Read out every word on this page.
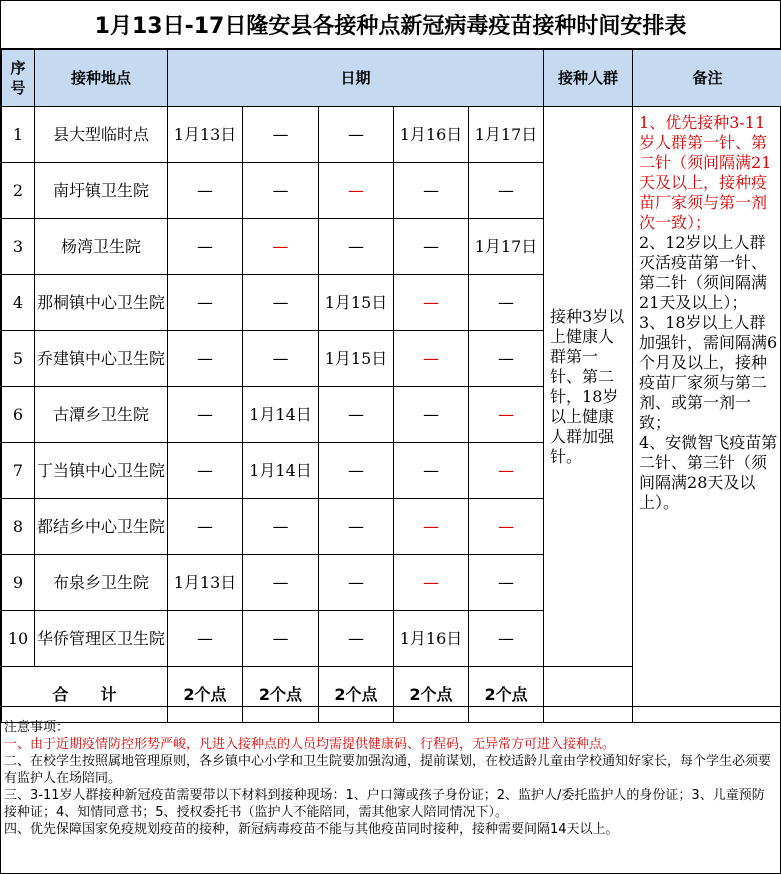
1月13日-17日隆安县各接种点新冠病毒疫苗接种时间安排表
序号	接种地点	日期					接种人群	备注
1	县大型临时点	1月13日	—	—	1月16日	1月17日	接种3岁以上健康人群第一针、第二针，18岁以上健康人群加强针。	1、优先接种3-11岁人群第一针、第二针（须间隔满21天及以上，接种疫苗厂家须与第一剂次一致）；
2、12岁以上人群灭活疫苗第一针、第二针（须间隔满21天及以上）；
3、18岁以上人群加强针，需间隔满6个月及以上，接种疫苗厂家须与第二剂、或第一剂一致；
4、安微智飞疫苗第二针、第三针（须间隔满28天及以上）。
2	南圩镇卫生院	—	—	—	—	—		
3	杨湾卫生院	—	—	—	—	1月17日		
4	那桐镇中心卫生院	—	—	1月15日	—	—		
5	乔建镇中心卫生院	—	—	1月15日	—	—		
6	古潭乡卫生院	—	1月14日	—	—	—		
7	丁当镇中心卫生院	—	1月14日	—	—	—		
8	都结乡中心卫生院	—	—	—	—	—		
9	布泉乡卫生院	1月13日	—	—	—	—		
10	华侨管理区卫生院	—	—	—	1月16日	—		
合　　计		2个点	2个点	2个点	2个点	2个点		

注意事项：

一、由于近期疫情防控形势严峻，凡进入接种点的人员均需提供健康码、行程码，无异常方可进入接种点。

二、在校学生按照属地管理原则，各乡镇中心小学和卫生院要加强沟通，提前谋划，在校适龄儿童由学校通知好家长，每个学生必须要有监护人在场陪同。

三、3-11岁人群接种新冠疫苗需要带以下材料到接种现场：1、户口簿或孩子身份证；2、监护人/委托监护人的身份证；3、儿童预防接种证；4、知情同意书；5、授权委托书（监护人不能陪同，需其他家人陪同情况下）。

四、优先保障国家免疫规划疫苗的接种，新冠病毒疫苗不能与其他疫苗同时接种，接种需要间隔14天以上。
